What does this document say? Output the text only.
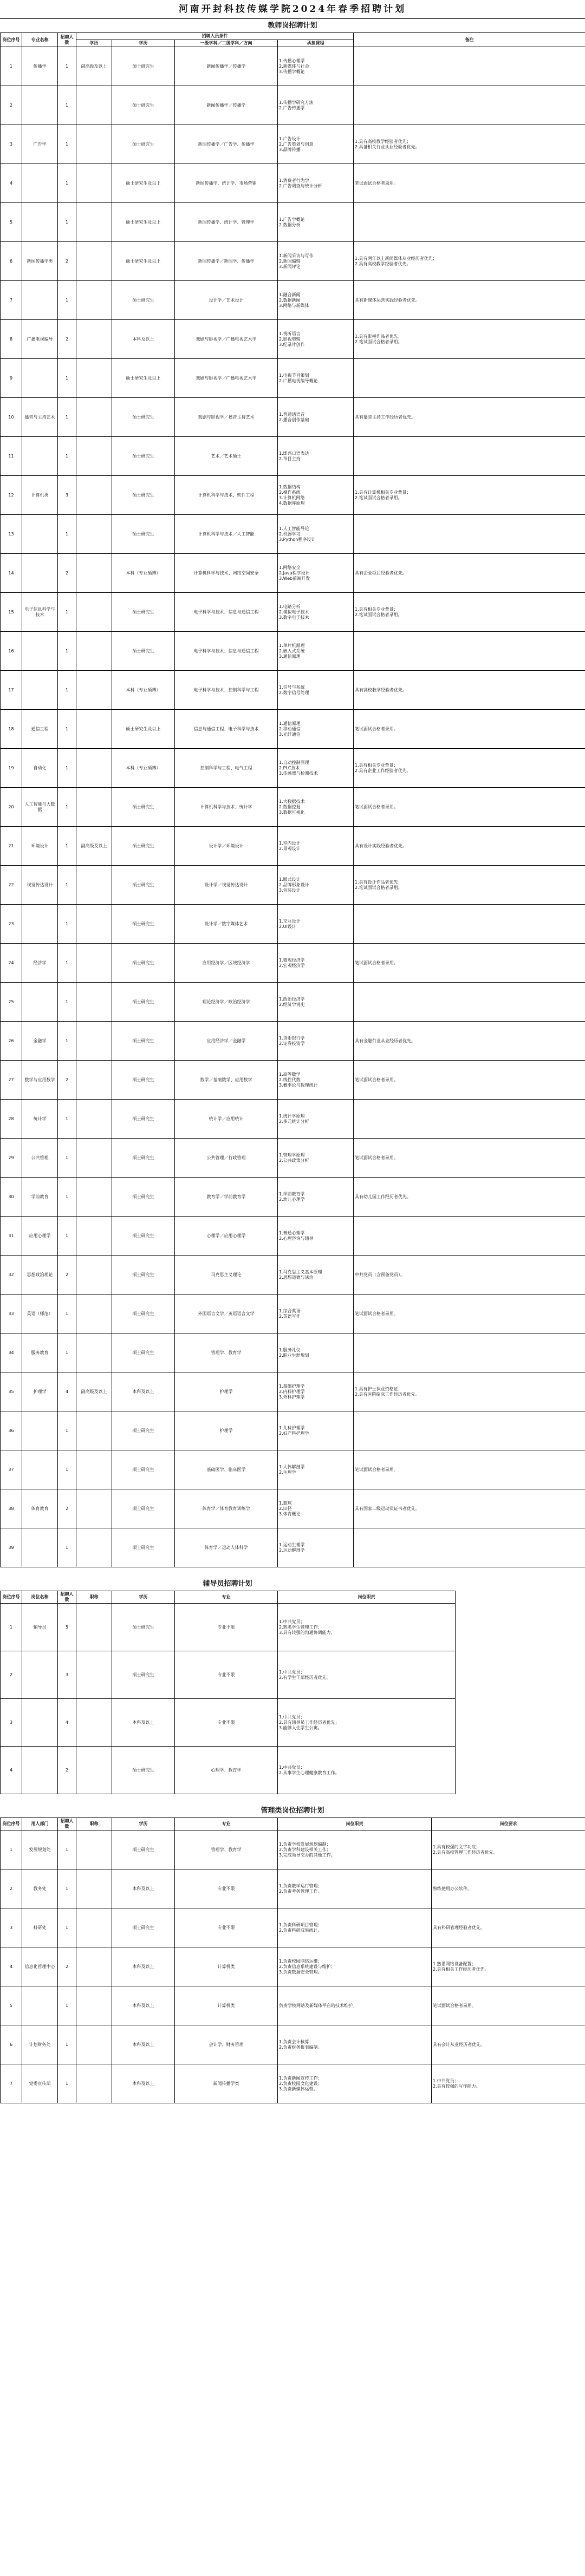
河南开封科技传媒学院2024年春季招聘计划
教师岗招聘计划
岗位序号	专业名称	招聘人数	招聘人员条件				备注
			学历	学历	一级学科／二级学科／方向	承担课程	
1	传播学	1	副高级及以上	硕士研究生	新闻传播学／传播学	1.传播心理学
2.新媒体与社会
3.传播学概论	
2		1		硕士研究生	新闻传播学／传播学	1.传播学研究方法
2.广告传播学	
3	广告学	1		硕士研究生	新闻传播学／广告学、传播学	1.广告设计
2.广告策划与创意
3.品牌传播	1.具有高校教学经验者优先；
2.具备相关行业从业经验者优先。
4		1		硕士研究生及以上	新闻传播学、统计学、市场营销	1.消费者行为学
2.广告调查与统计分析	笔试面试合格者录用。
5		1		硕士研究生及以上	新闻传播学、统计学、管理学	1.广告学概论
2.数据分析	
6	新闻传播学类	2		硕士研究生及以上	新闻传播学／新闻学、传播学	1.新闻采访与写作
2.新闻编辑
3.新闻评论	1.具有两年以上新闻媒体从业经历者优先；
2.具有高校教学经验者优先。
7		1		硕士研究生	设计学／艺术设计	1.融合新闻
2.数据新闻
3.网络与新媒体	具有新媒体运营实践经验者优先。
8	广播电视编导	2		本科及以上	戏剧与影视学／广播电视艺术学	1.视听语言
2.影视剪辑
3.纪录片创作	1.具有影视作品者优先；
2.笔试面试合格者录用。
9		1		硕士研究生及以上	戏剧与影视学／广播电视艺术学	1.电视节目策划
2.广播电视编导概论	
10	播音与主持艺术	1		硕士研究生	戏剧与影视学／播音主持艺术	1.普通话语音
2.播音创作基础	具有播音主持工作经历者优先。
11		1		硕士研究生	艺术／艺术硕士	1.即兴口语表达
2.节目主持	
12	计算机类	3		硕士研究生	计算机科学与技术、软件工程	1.数据结构
2.操作系统
3.计算机网络
4.数据库原理	1.具有计算机相关专业背景；
2.笔试面试合格者录用。
13		1		硕士研究生	计算机科学与技术／人工智能	1.人工智能导论
2.机器学习
3.Python程序设计	
14		2		本科（专业硕博）	计算机科学与技术、网络空间安全	1.网络安全
2.Java程序设计
3.Web前端开发	具有企业项目经验者优先。
15	电子信息科学与技术	1		硕士研究生	电子科学与技术、信息与通信工程	1.电路分析
2.模拟电子技术
3.数字电子技术	1.具有相关专业背景；
2.笔试面试合格者录用。
16		1		硕士研究生	电子科学与技术、信息与通信工程	1.单片机原理
2.嵌入式系统
3.通信原理	
17		1		本科（专业硕博）	电子科学与技术、控制科学与工程	1.信号与系统
2.数字信号处理	具有高校教学经验者优先。
18	通信工程	1		硕士研究生及以上	信息与通信工程、电子科学与技术	1.通信原理
2.移动通信
3.光纤通信	笔试面试合格者录用。
19	自动化	1		本科（专业硕博）	控制科学与工程、电气工程	1.自动控制原理
2.PLC技术
3.传感器与检测技术	1.具有相关专业背景；
2.具有企业工作经验者优先。
20	人工智能与大数据	1		硕士研究生	计算机科学与技术、统计学	1.大数据技术
2.数据挖掘
3.数据可视化	笔试面试合格者录用。
21	环境设计	1	副高级及以上	硕士研究生	设计学／环境设计	1.室内设计
2.景观设计	具有设计实践经验者优先。
22	视觉传达设计	1		硕士研究生	设计学／视觉传达设计	1.版式设计
2.品牌形象设计
3.包装设计	1.具有设计作品者优先；
2.笔试面试合格者录用。
23		1		硕士研究生	设计学／数字媒体艺术	1.交互设计
2.UI设计	
24	经济学	1		硕士研究生	应用经济学／区域经济学	1.微观经济学
2.宏观经济学	笔试面试合格者录用。
25		1		硕士研究生	理论经济学／政治经济学	1.政治经济学
2.经济学说史	
26	金融学	1		硕士研究生	应用经济学／金融学	1.货币银行学
2.证券投资学	具有金融行业从业经历者优先。
27	数学与应用数学	2		硕士研究生	数学／基础数学、应用数学	1.高等数学
2.线性代数
3.概率论与数理统计	笔试面试合格者录用。
28	统计学	1		硕士研究生	统计学／应用统计	1.统计学原理
2.多元统计分析	
29	公共管理	1		硕士研究生	公共管理／行政管理	1.管理学原理
2.公共政策分析	笔试面试合格者录用。
30	学前教育	1		硕士研究生	教育学／学前教育学	1.学前教育学
2.幼儿心理学	具有幼儿园工作经历者优先。
31	应用心理学	1		硕士研究生	心理学／应用心理学	1.普通心理学
2.心理咨询与辅导	
32	思想政治理论	2		硕士研究生	马克思主义理论	1.马克思主义基本原理
2.思想道德与法治	中共党员（含预备党员）。
33	英语（师范）	1		硕士研究生	外国语言文学／英语语言文学	1.综合英语
2.英语写作	笔试面试合格者录用。
34	服务教育	1		硕士研究生	管理学、教育学	1.服务礼仪
2.职业生涯规划	
35	护理学	4	副高级及以上	本科及以上	护理学	1.基础护理学
2.内科护理学
3.外科护理学	1.具有护士执业资格证；
2.具有医院临床工作经历者优先。
36		1		硕士研究生	护理学	1.儿科护理学
2.妇产科护理学	
37		1		硕士研究生	基础医学、临床医学	1.人体解剖学
2.生理学	笔试面试合格者录用。
38	体育教育	2		硕士研究生	体育学／体育教育训练学	1.篮球
2.田径
3.体育概论	具有国家二级运动员证书者优先。
39		1		硕士研究生	体育学／运动人体科学	1.运动生理学
2.运动解剖学	
辅导员招聘计划
岗位序号	岗位名称	招聘人数	职称	学历	专业	岗位职责
1	辅导员	5		硕士研究生	专业不限	1.中共党员；
2.熟悉学生管理工作；
3.具有较强的沟通协调能力。
2		3		硕士研究生	专业不限	1.中共党员；
2.有学生干部经历者优先。
3		4		本科及以上	专业不限	1.中共党员；
2.具有辅导员工作经历者优先；
3.能够入住学生公寓。
4		2		硕士研究生	心理学、教育学	1.中共党员；
2.从事学生心理健康教育工作。
管理类岗位招聘计划
岗位序号	用人部门	招聘人数	职称	学历	专业	岗位职责	岗位要求
1	发展规划处	1		硕士研究生	管理学、教育学	1.负责学校发展规划编制；
2.负责学科建设相关工作；
3.完成领导交办的其他工作。	1.具有较强的文字功底；
2.具有高校管理工作经历者优先。
2	教务处	1		本科及以上	专业不限	1.负责教学运行管理；
2.负责考务管理工作。	熟练使用办公软件。
3	科研处	1		硕士研究生	专业不限	1.负责科研项目管理；
2.负责科研成果统计。	具有科研管理经验者优先。
4	信息化管理中心	2		本科及以上	计算机类	1.负责校园网络运维；
2.负责信息系统建设与维护；
3.负责数据安全管理。	1.熟悉网络设备配置；
2.具有相关工作经历者优先。
5		1		本科及以上	计算机类	负责学校网站及新媒体平台的技术维护。	笔试面试合格者录用。
6	计划财务处	1		本科及以上	会计学、财务管理	1.负责会计核算；
2.负责财务报表编制。	具有会计从业经历者优先。
7	党委宣传部	1		本科及以上	新闻传播学类	1.负责新闻宣传工作；
2.负责校园文化建设；
3.负责新媒体运营。	1.中共党员；
2.具有较强的写作能力。
